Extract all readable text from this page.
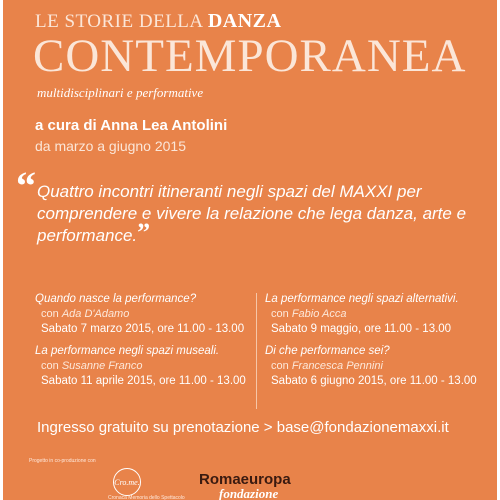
LE STORIE DELLA DANZA
CONTEMPORANEA
multidisciplinari e performative
a cura di Anna Lea Antolini
da marzo a giugno 2015
“ Quattro incontri itineranti negli spazi del MAXXI per comprendere e vivere la relazione che lega danza, arte e performance.”
Quando nasce la performance?
con Ada D'Adamo
Sabato 7 marzo 2015, ore 11.00 - 13.00
La performance negli spazi museali.
con Susanne Franco
Sabato 11 aprile 2015, ore 11.00 - 13.00
La performance negli spazi alternativi.
con Fabio Acca
Sabato 9 maggio, ore 11.00 - 13.00
Di che performance sei?
con Francesca Pennini
Sabato 6 giugno 2015, ore 11.00 - 13.00
Ingresso gratuito su prenotazione > base@fondazionemaxxi.it
Progetto in co-produzione con
Cro.me.
Cronaca Memoria dello Spettacolo
Romaeuropa
fondazione
